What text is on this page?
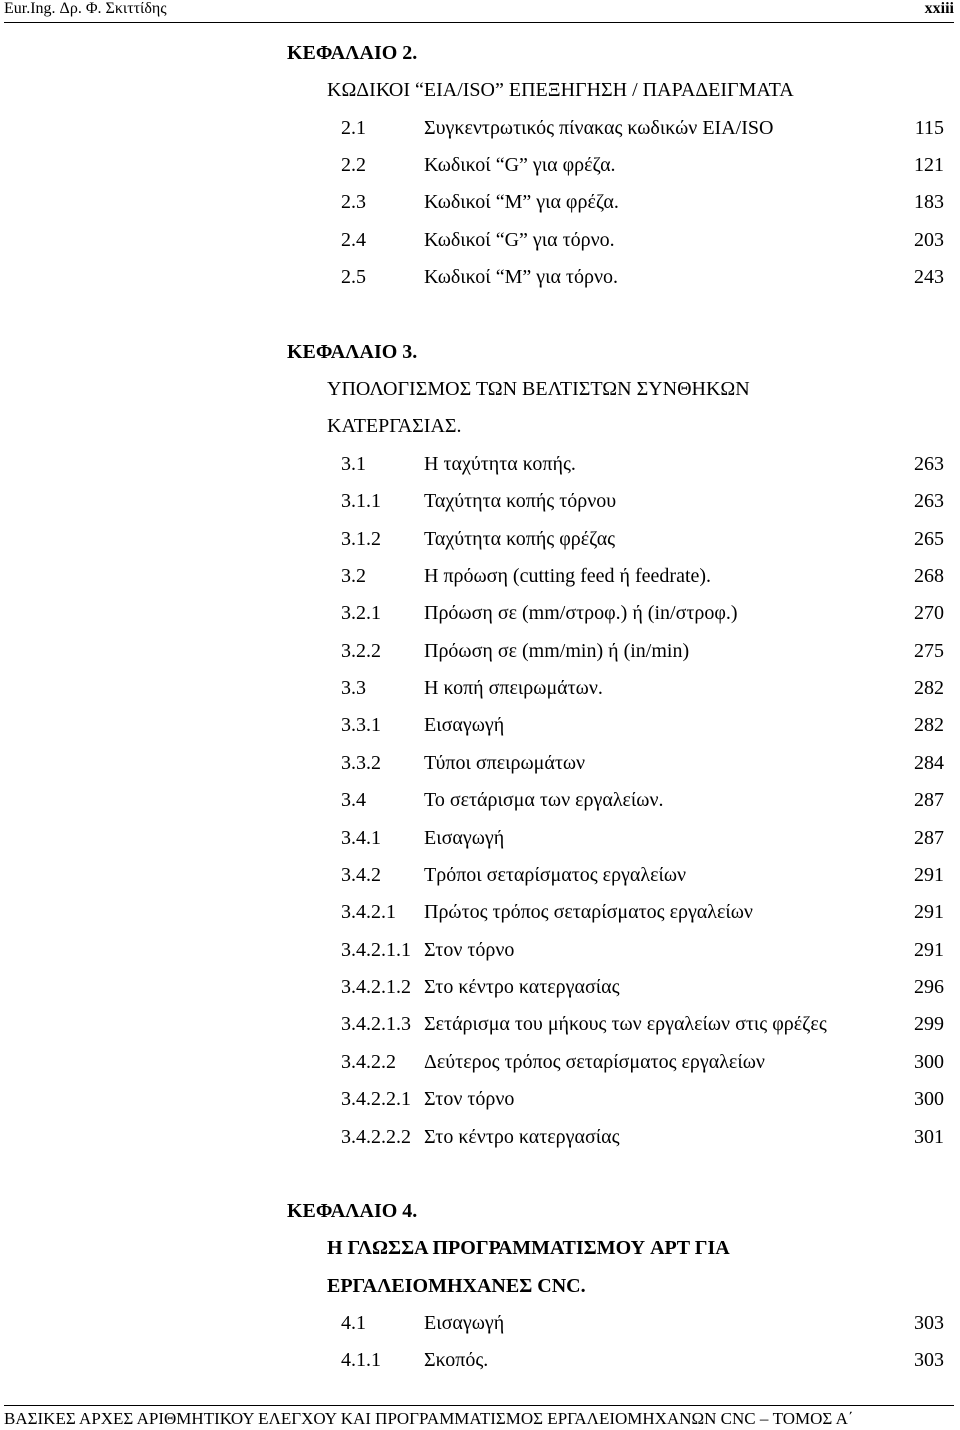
Eur.Ing. Δρ. Φ. Σκιττίδης	xxiii
ΚΕΦΑΛΑΙΟ 2.
ΚΩΔΙΚΟΙ “EIA/ISO” ΕΠΕΞΗΓΗΣΗ / ΠΑΡΑΔΕΙΓΜΑΤΑ
2.1	Συγκεντρωτικός πίνακας κωδικών EIA/ISO	115
2.2	Κωδικοί “G” για φρέζα.	121
2.3	Κωδικοί “M” για φρέζα.	183
2.4	Κωδικοί “G” για τόρνο.	203
2.5	Κωδικοί “M” για τόρνο.	243
ΚΕΦΑΛΑΙΟ 3.
ΥΠΟΛΟΓΙΣΜΟΣ ΤΩΝ ΒΕΛΤΙΣΤΩΝ ΣΥΝΘΗΚΩΝ
ΚΑΤΕΡΓΑΣΙΑΣ.
3.1	Η ταχύτητα κοπής.	263
3.1.1 Ταχύτητα κοπής τόρνου	263
3.1.2 Ταχύτητα κοπής φρέζας	265
3.2	Η πρόωση (cutting feed ή feedrate).	268
3.2.1 Πρόωση σε (mm/στροφ.) ή (in/στροφ.)	270
3.2.2 Πρόωση σε (mm/min) ή (in/min)	275
3.3	Η κοπή σπειρωμάτων.	282
3.3.1 Εισαγωγή	282
3.3.2 Τύποι σπειρωμάτων	284
3.4	Το σετάρισμα των εργαλείων.	287
3.4.1 Εισαγωγή	287
3.4.2 Τρόποι σεταρίσματος εργαλείων	291
3.4.2.1 Πρώτος τρόπος σεταρίσματος εργαλείων	291
3.4.2.1.1 Στον τόρνο	291
3.4.2.1.2 Στο κέντρο κατεργασίας	296
3.4.2.1.3 Σετάρισμα του μήκους των εργαλείων στις φρέζες	299
3.4.2.2 Δεύτερος τρόπος σεταρίσματος εργαλείων	300
3.4.2.2.1 Στον τόρνο	300
3.4.2.2.2 Στο κέντρο κατεργασίας	301
ΚΕΦΑΛΑΙΟ 4.
Η ΓΛΩΣΣΑ ΠΡΟΓΡΑΜΜΑΤΙΣΜΟΥ APT ΓΙΑ
ΕΡΓΑΛΕΙΟΜΗΧΑΝΕΣ CNC.
4.1	Εισαγωγή	303
4.1.1 Σκοπός.	303
ΒΑΣΙΚΕΣ ΑΡΧΕΣ ΑΡΙΘΜΗΤΙΚΟΥ ΕΛΕΓΧΟΥ ΚΑΙ ΠΡΟΓΡΑΜΜΑΤΙΣΜΟΣ ΕΡΓΑΛΕΙΟΜΗΧΑΝΩΝ CNC – ΤΟΜΟΣ Α΄
